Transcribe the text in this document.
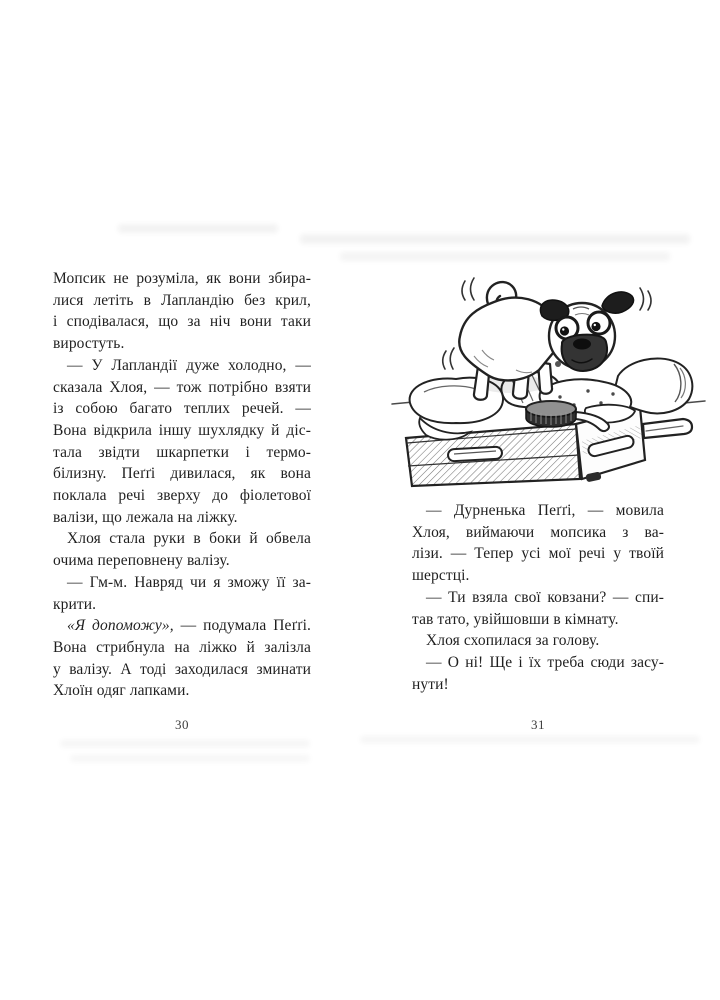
Мопсик не розуміла, як вони збира-
лися летіть в Лапландію без крил,
і сподівалася, що за ніч вони таки
виростуть.
— У Лапландії дуже холодно, —
сказала Хлоя, — тож потрібно взяти
із собою багато теплих речей. —
Вона відкрила іншу шухлядку й діс-
тала звідти шкарпетки і термо-
білизну. Пеґґі дивилася, як вона
поклала речі зверху до фіолетової
валізи, що лежала на ліжку.
Хлоя стала руки в боки й обвела
очима переповнену валізу.
— Гм-м. Навряд чи я зможу її за-
крити.
«Я допоможу», — подумала Пеґґі.
Вона стрибнула на ліжко й залізла
у валізу. А тоді заходилася зминати
Хлоїн одяг лапками.
30
— Дурненька Пеґґі, — мовила
Хлоя, виймаючи мопсика з ва-
лізи. — Тепер усі мої речі у твоїй
шерстці.
— Ти взяла свої ковзани? — спи-
тав тато, увійшовши в кімнату.
Хлоя схопилася за голову.
— О ні! Ще і їх треба сюди засу-
нути!
31
